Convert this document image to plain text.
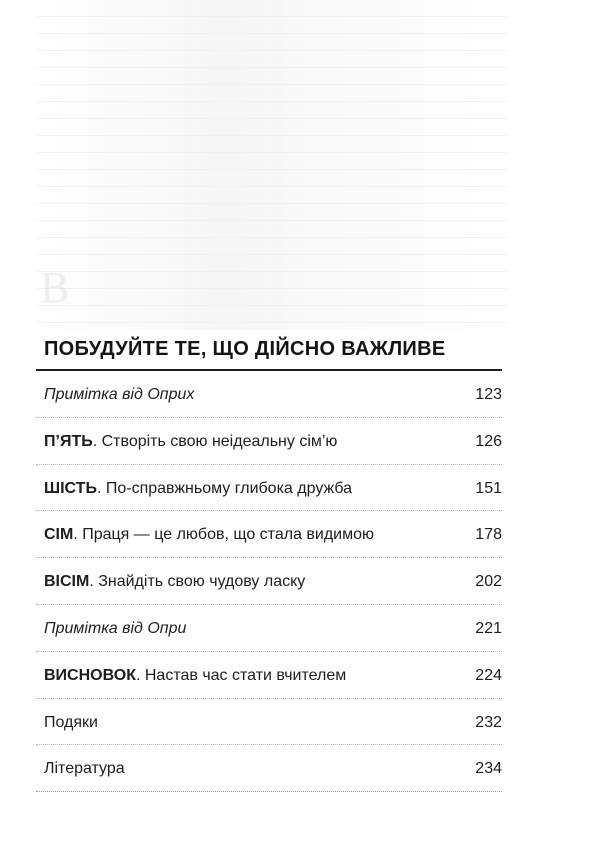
В
ПОБУДУЙТЕ ТЕ, ЩО ДІЙСНО ВАЖЛИВЕ
Примітка від Оприх	123
П’ЯТЬ. Створіть свою неідеальну сім’ю	126
ШІСТЬ. По-справжньому глибока дружба	151
СІМ. Праця — це любов, що стала видимою	178
ВІСІМ. Знайдіть свою чудову ласку	202
Примітка від Опри	221
ВИСНОВОК. Настав час стати вчителем	224
Подяки	232
Література	234
